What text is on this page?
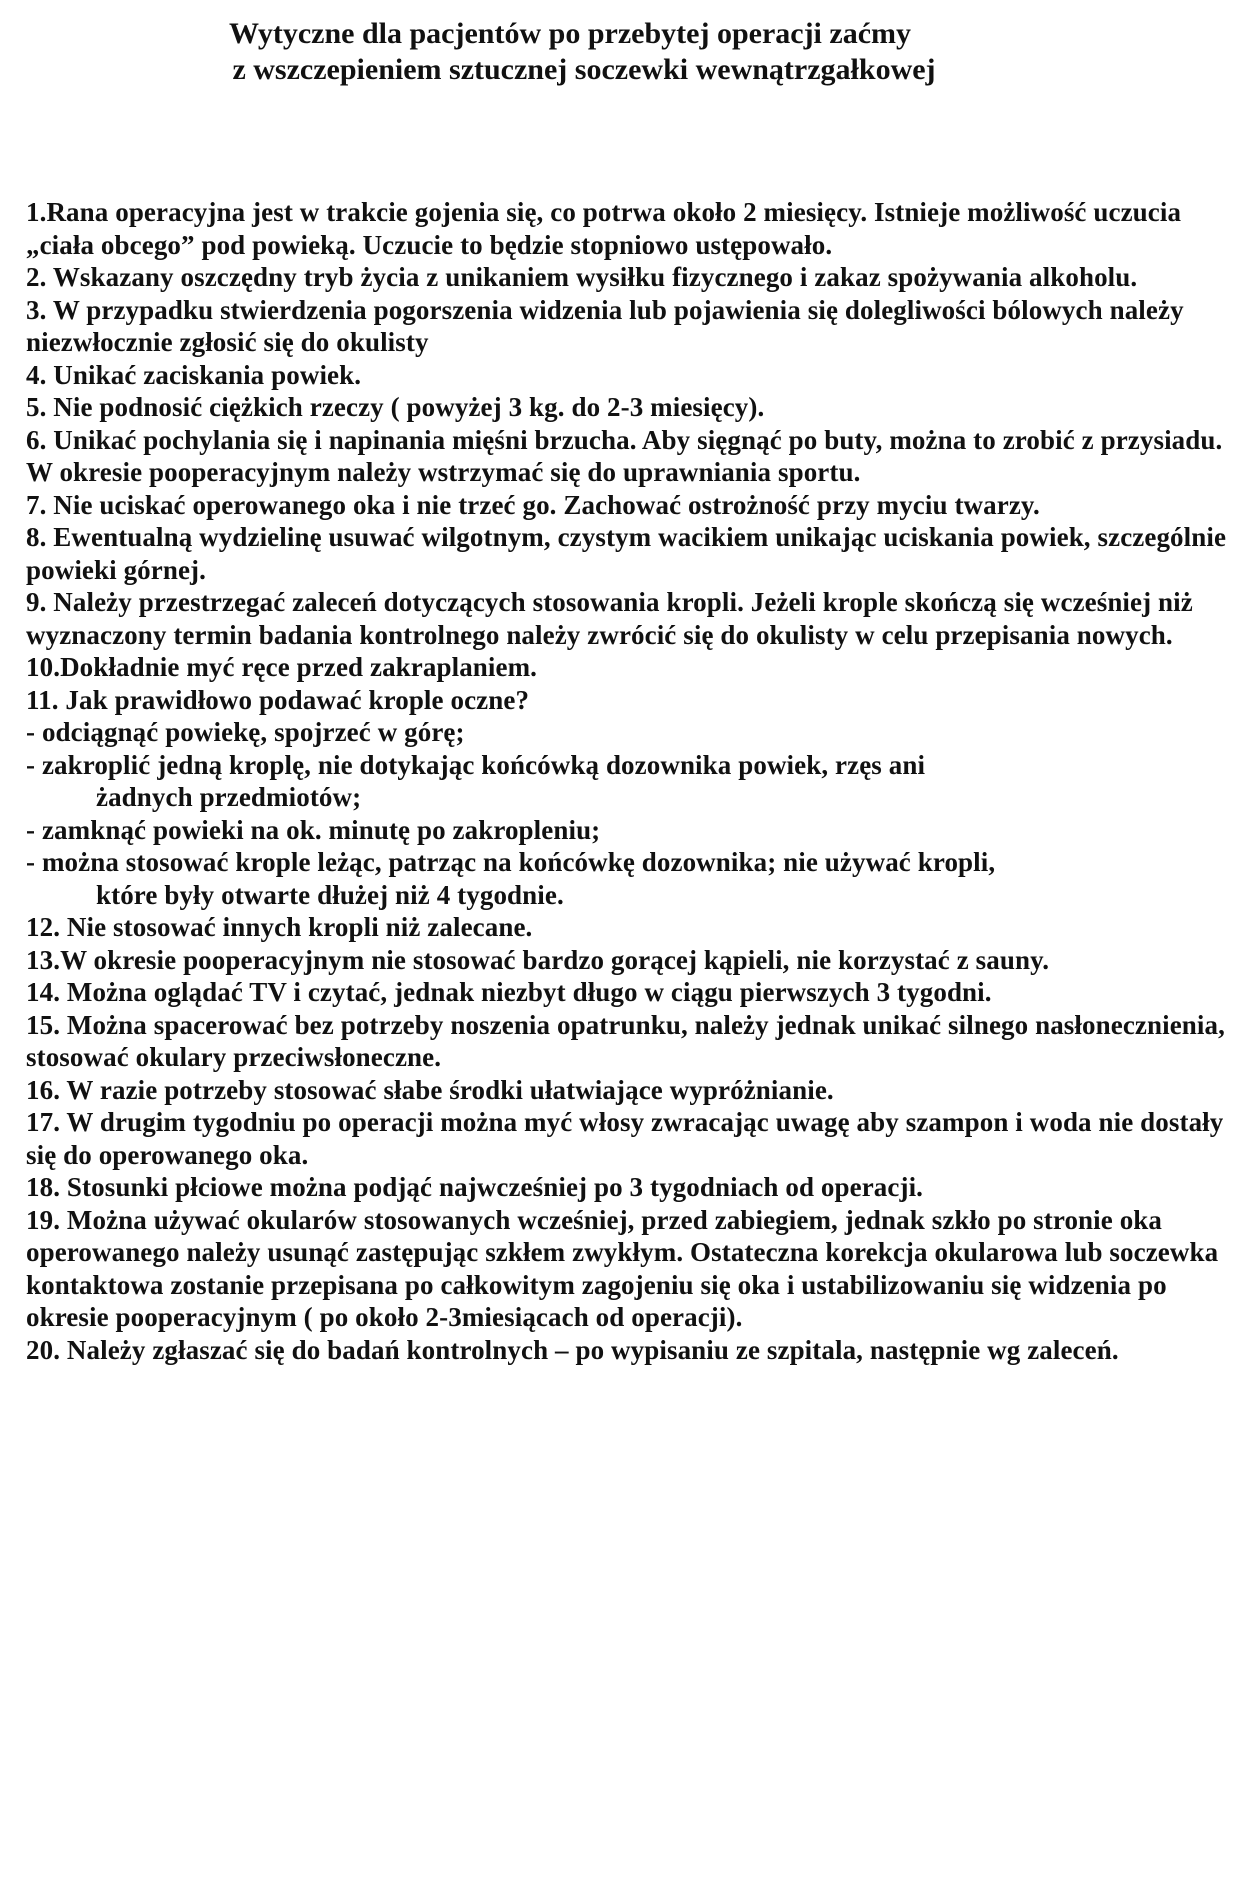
Wytyczne dla pacjentów po przebytej operacji zaćmy
z wszczepieniem sztucznej soczewki wewnątrzgałkowej

1.Rana operacyjna jest w trakcie gojenia się, co potrwa około 2 miesięcy. Istnieje możliwość uczucia „ciała obcego” pod powieką. Uczucie to będzie stopniowo ustępowało.

2. Wskazany oszczędny tryb życia z unikaniem wysiłku fizycznego i zakaz spożywania alkoholu.

3. W przypadku stwierdzenia pogorszenia widzenia lub pojawienia się dolegliwości bólowych należy niezwłocznie zgłosić się do okulisty

4. Unikać zaciskania powiek.

5. Nie podnosić ciężkich rzeczy ( powyżej 3 kg. do 2-3 miesięcy).

6. Unikać pochylania się i napinania mięśni brzucha. Aby sięgnąć po buty, można to zrobić z przysiadu. W okresie pooperacyjnym należy wstrzymać się do uprawniania sportu.

7. Nie uciskać operowanego oka i nie trzeć go. Zachować ostrożność przy myciu twarzy.

8. Ewentualną wydzielinę usuwać wilgotnym, czystym wacikiem unikając uciskania powiek, szczególnie powieki górnej.

9. Należy przestrzegać zaleceń dotyczących stosowania kropli. Jeżeli krople skończą się wcześniej niż wyznaczony termin badania kontrolnego należy zwrócić się do okulisty w celu przepisania nowych.

10.Dokładnie myć ręce przed zakraplaniem.

11. Jak prawidłowo podawać krople oczne?

- odciągnąć powiekę, spojrzeć w górę;

- zakroplić jedną kroplę, nie dotykając końcówką dozownika powiek, rzęs ani
żadnych przedmiotów;

- zamknąć powieki na ok. minutę po zakropleniu;

- można stosować krople leżąc, patrząc na końcówkę dozownika; nie używać kropli,
które były otwarte dłużej niż 4 tygodnie.

12. Nie stosować innych kropli niż zalecane.

13.W okresie pooperacyjnym nie stosować bardzo gorącej kąpieli, nie korzystać z sauny.

14. Można oglądać TV i czytać, jednak niezbyt długo w ciągu pierwszych 3 tygodni.

15. Można spacerować bez potrzeby noszenia opatrunku, należy jednak unikać silnego nasłonecznienia, stosować okulary przeciwsłoneczne.

16. W razie potrzeby stosować słabe środki ułatwiające wypróżnianie.

17. W drugim tygodniu po operacji można myć włosy zwracając uwagę aby szampon i woda nie dostały się do operowanego oka.

18. Stosunki płciowe można podjąć najwcześniej po 3 tygodniach od operacji.

19. Można używać okularów stosowanych wcześniej, przed zabiegiem, jednak szkło po stronie oka operowanego należy usunąć zastępując szkłem zwykłym. Ostateczna korekcja okularowa lub soczewka kontaktowa zostanie przepisana po całkowitym zagojeniu się oka i ustabilizowaniu się widzenia po okresie pooperacyjnym ( po około 2-3miesiącach od operacji).

20. Należy zgłaszać się do badań kontrolnych – po wypisaniu ze szpitala, następnie wg zaleceń.
